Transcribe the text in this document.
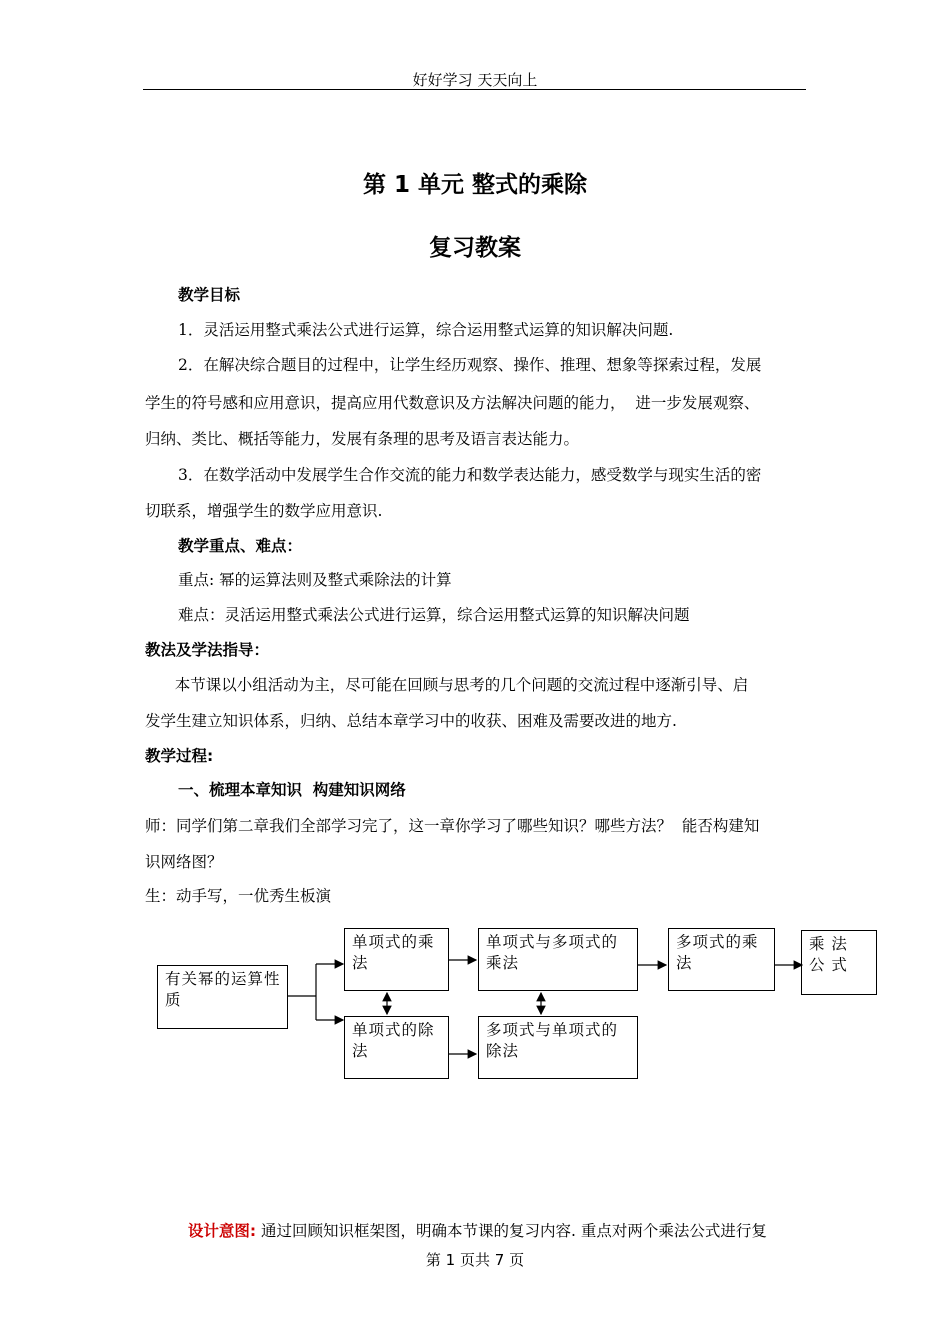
好好学习 天天向上
第 1 单元 整式的乘除
复习教案
教学目标
1．灵活运用整式乘法公式进行运算，综合运用整式运算的知识解决问题.
2．在解决综合题目的过程中，让学生经历观察、操作、推理、想象等探索过程，发展
学生的符号感和应用意识，提高应用代数意识及方法解决问题的能力，  进一步发展观察、
归纳、类比、概括等能力，发展有条理的思考及语言表达能力。
3．在数学活动中发展学生合作交流的能力和数学表达能力，感受数学与现实生活的密
切联系，增强学生的数学应用意识.
教学重点、难点：
重点: 幂的运算法则及整式乘除法的计算
难点：灵活运用整式乘法公式进行运算，综合运用整式运算的知识解决问题
教法及学法指导：
本节课以小组活动为主，尽可能在回顾与思考的几个问题的交流过程中逐渐引导、启
发学生建立知识体系，归纳、总结本章学习中的收获、困难及需要改进的地方.
教学过程:
一、梳理本章知识  构建知识网络
师：同学们第二章我们全部学习完了，这一章你学习了哪些知识？哪些方法？  能否构建知
识网络图？
生：动手写，一优秀生板演
有关幂的运算性质
单项式的乘法
单项式的除法
单项式与多项式的乘法
多项式与单项式的除法
多项式的乘法
乘 法 公 式

设计意图: 通过回顾知识框架图，明确本节课的复习内容. 重点对两个乘法公式进行复

第 1 页共 7 页
